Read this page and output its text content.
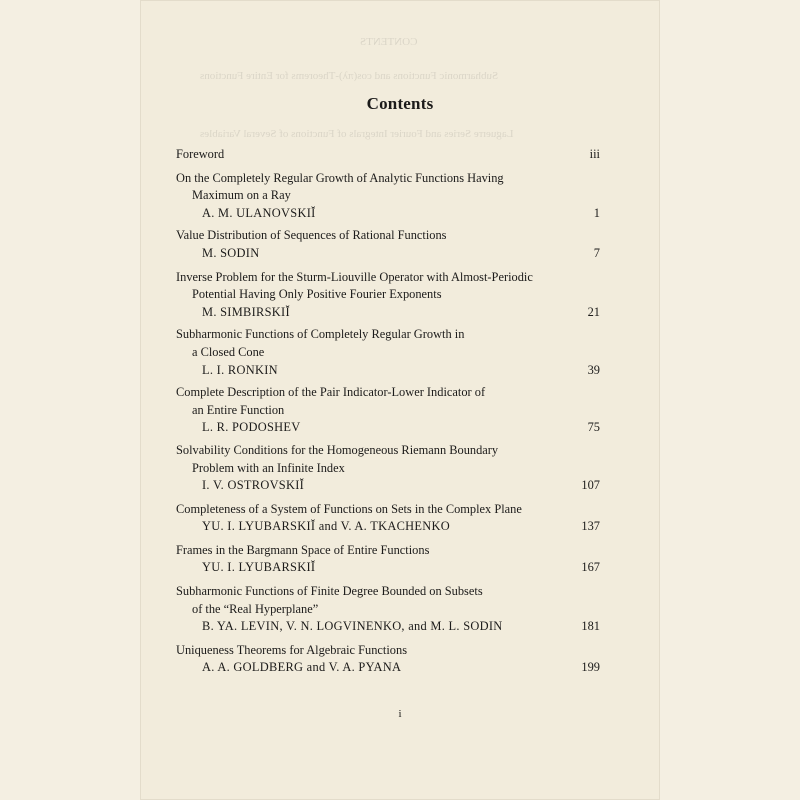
Contents
Foreword	iii
On the Completely Regular Growth of Analytic Functions Having
Maximum on a Ray
A. M. ULANOVSKIĬ	1
Value Distribution of Sequences of Rational Functions
M. SODIN	7
Inverse Problem for the Sturm-Liouville Operator with Almost-Periodic
Potential Having Only Positive Fourier Exponents
M. SIMBIRSKIĬ	21
Subharmonic Functions of Completely Regular Growth in
a Closed Cone
L. I. RONKIN	39
Complete Description of the Pair Indicator-Lower Indicator of
an Entire Function
L. R. PODOSHEV	75
Solvability Conditions for the Homogeneous Riemann Boundary
Problem with an Infinite Index
I. V. OSTROVSKIĬ	107
Completeness of a System of Functions on Sets in the Complex Plane
YU. I. LYUBARSKIĬ and V. A. TKACHENKO	137
Frames in the Bargmann Space of Entire Functions
YU. I. LYUBARSKIĬ	167
Subharmonic Functions of Finite Degree Bounded on Subsets
of the “Real Hyperplane”
B. YA. LEVIN, V. N. LOGVINENKO, and M. L. SODIN	181
Uniqueness Theorems for Algebraic Functions
A. A. GOLDBERG and V. A. PYANA	199
i
